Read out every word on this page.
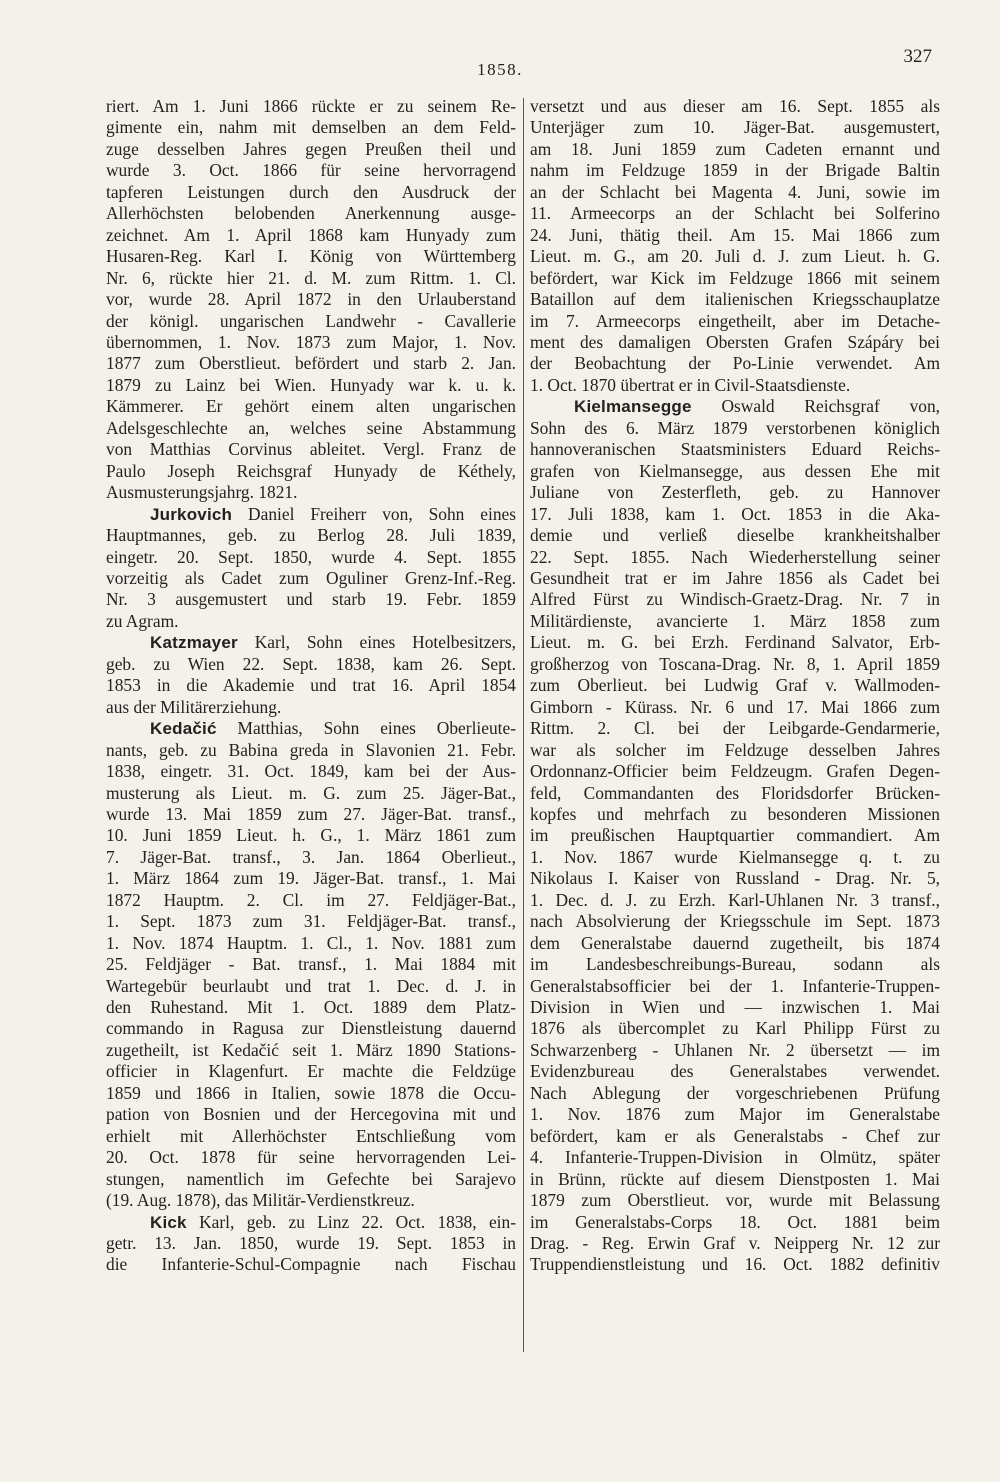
1858.
327
riert. Am 1. Juni 1866 rückte er zu seinem Re-
gimente ein, nahm mit demselben an dem Feld-
zuge desselben Jahres gegen Preußen theil und
wurde 3. Oct. 1866 für seine hervorragend
tapferen Leistungen durch den Ausdruck der
Allerhöchsten belobenden Anerkennung ausge-
zeichnet. Am 1. April 1868 kam Hunyady zum
Husaren-Reg. Karl I. König von Württemberg
Nr. 6, rückte hier 21. d. M. zum Rittm. 1. Cl.
vor, wurde 28. April 1872 in den Urlauberstand
der königl. ungarischen Landwehr - Cavallerie
übernommen, 1. Nov. 1873 zum Major, 1. Nov.
1877 zum Oberstlieut. befördert und starb 2. Jan.
1879 zu Lainz bei Wien. Hunyady war k. u. k.
Kämmerer. Er gehört einem alten ungarischen
Adelsgeschlechte an, welches seine Abstammung
von Matthias Corvinus ableitet. Vergl. Franz de
Paulo Joseph Reichsgraf Hunyady de Kéthely,
Ausmusterungsjahrg. 1821.
Jurkovich Daniel Freiherr von, Sohn eines
Hauptmannes, geb. zu Berlog 28. Juli 1839,
eingetr. 20. Sept. 1850, wurde 4. Sept. 1855
vorzeitig als Cadet zum Oguliner Grenz-Inf.-Reg.
Nr. 3 ausgemustert und starb 19. Febr. 1859
zu Agram.
Katzmayer Karl, Sohn eines Hotelbesitzers,
geb. zu Wien 22. Sept. 1838, kam 26. Sept.
1853 in die Akademie und trat 16. April 1854
aus der Militärerziehung.
Kedačić Matthias, Sohn eines Oberlieute-
nants, geb. zu Babina greda in Slavonien 21. Febr.
1838, eingetr. 31. Oct. 1849, kam bei der Aus-
musterung als Lieut. m. G. zum 25. Jäger-Bat.,
wurde 13. Mai 1859 zum 27. Jäger-Bat. transf.,
10. Juni 1859 Lieut. h. G., 1. März 1861 zum
7. Jäger-Bat. transf., 3. Jan. 1864 Oberlieut.,
1. März 1864 zum 19. Jäger-Bat. transf., 1. Mai
1872 Hauptm. 2. Cl. im 27. Feldjäger-Bat.,
1. Sept. 1873 zum 31. Feldjäger-Bat. transf.,
1. Nov. 1874 Hauptm. 1. Cl., 1. Nov. 1881 zum
25. Feldjäger - Bat. transf., 1. Mai 1884 mit
Wartegebür beurlaubt und trat 1. Dec. d. J. in
den Ruhestand. Mit 1. Oct. 1889 dem Platz-
commando in Ragusa zur Dienstleistung dauernd
zugetheilt, ist Kedačić seit 1. März 1890 Stations-
officier in Klagenfurt. Er machte die Feldzüge
1859 und 1866 in Italien, sowie 1878 die Occu-
pation von Bosnien und der Hercegovina mit und
erhielt mit Allerhöchster Entschließung vom
20. Oct. 1878 für seine hervorragenden Lei-
stungen, namentlich im Gefechte bei Sarajevo
(19. Aug. 1878), das Militär-Verdienstkreuz.
Kick Karl, geb. zu Linz 22. Oct. 1838, ein-
getr. 13. Jan. 1850, wurde 19. Sept. 1853 in
die Infanterie-Schul-Compagnie nach Fischau
versetzt und aus dieser am 16. Sept. 1855 als
Unterjäger zum 10. Jäger-Bat. ausgemustert,
am 18. Juni 1859 zum Cadeten ernannt und
nahm im Feldzuge 1859 in der Brigade Baltin
an der Schlacht bei Magenta 4. Juni, sowie im
11. Armeecorps an der Schlacht bei Solferino
24. Juni, thätig theil. Am 15. Mai 1866 zum
Lieut. m. G., am 20. Juli d. J. zum Lieut. h. G.
befördert, war Kick im Feldzuge 1866 mit seinem
Bataillon auf dem italienischen Kriegsschauplatze
im 7. Armeecorps eingetheilt, aber im Detache-
ment des damaligen Obersten Grafen Szápáry bei
der Beobachtung der Po-Linie verwendet. Am
1. Oct. 1870 übertrat er in Civil-Staatsdienste.
Kielmansegge Oswald Reichsgraf von,
Sohn des 6. März 1879 verstorbenen königlich
hannoveranischen Staatsministers Eduard Reichs-
grafen von Kielmansegge, aus dessen Ehe mit
Juliane von Zesterfleth, geb. zu Hannover
17. Juli 1838, kam 1. Oct. 1853 in die Aka-
demie und verließ dieselbe krankheitshalber
22. Sept. 1855. Nach Wiederherstellung seiner
Gesundheit trat er im Jahre 1856 als Cadet bei
Alfred Fürst zu Windisch-Graetz-Drag. Nr. 7 in
Militärdienste, avancierte 1. März 1858 zum
Lieut. m. G. bei Erzh. Ferdinand Salvator, Erb-
großherzog von Toscana-Drag. Nr. 8, 1. April 1859
zum Oberlieut. bei Ludwig Graf v. Wallmoden-
Gimborn - Kürass. Nr. 6 und 17. Mai 1866 zum
Rittm. 2. Cl. bei der Leibgarde-Gendarmerie,
war als solcher im Feldzuge desselben Jahres
Ordonnanz-Officier beim Feldzeugm. Grafen Degen-
feld, Commandanten des Floridsdorfer Brücken-
kopfes und mehrfach zu besonderen Missionen
im preußischen Hauptquartier commandiert. Am
1. Nov. 1867 wurde Kielmansegge q. t. zu
Nikolaus I. Kaiser von Russland - Drag. Nr. 5,
1. Dec. d. J. zu Erzh. Karl-Uhlanen Nr. 3 transf.,
nach Absolvierung der Kriegsschule im Sept. 1873
dem Generalstabe dauernd zugetheilt, bis 1874
im Landesbeschreibungs-Bureau, sodann als
Generalstabsofficier bei der 1. Infanterie-Truppen-
Division in Wien und — inzwischen 1. Mai
1876 als übercomplet zu Karl Philipp Fürst zu
Schwarzenberg - Uhlanen Nr. 2 übersetzt — im
Evidenzbureau des Generalstabes verwendet.
Nach Ablegung der vorgeschriebenen Prüfung
1. Nov. 1876 zum Major im Generalstabe
befördert, kam er als Generalstabs - Chef zur
4. Infanterie-Truppen-Division in Olmütz, später
in Brünn, rückte auf diesem Dienstposten 1. Mai
1879 zum Oberstlieut. vor, wurde mit Belassung
im Generalstabs-Corps 18. Oct. 1881 beim
Drag. - Reg. Erwin Graf v. Neipperg Nr. 12 zur
Truppendienstleistung und 16. Oct. 1882 definitiv
